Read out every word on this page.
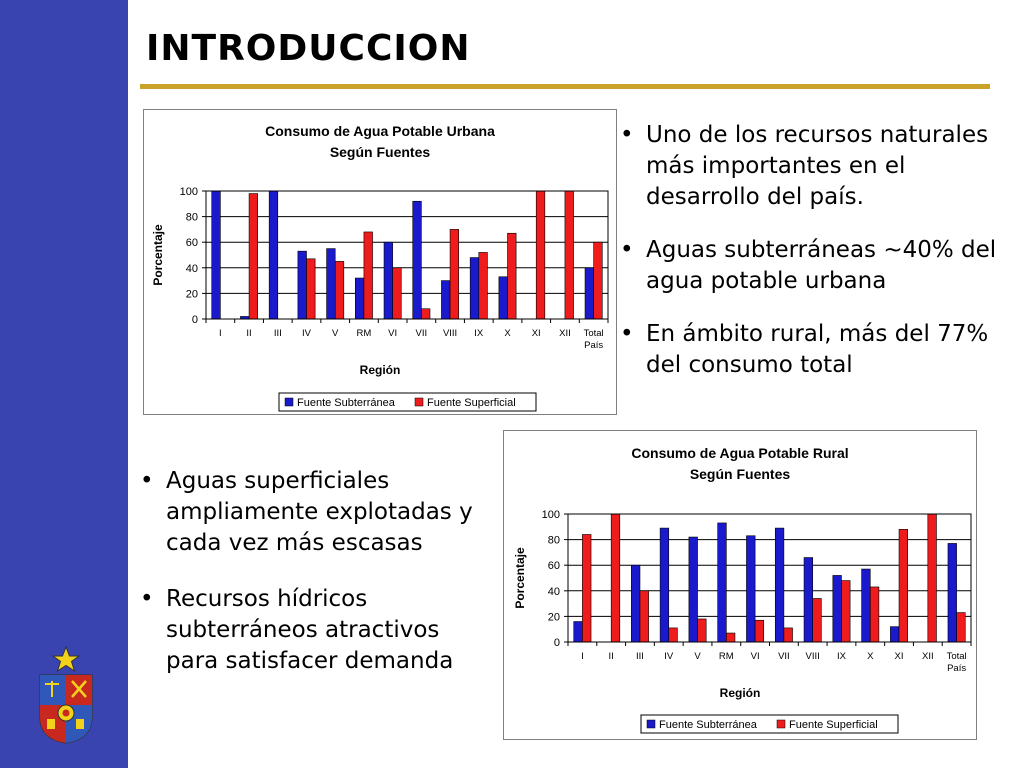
INTRODUCCION
Consumo de Agua Potable Urbana
Según Fuentes
0
20
40
60
80
100
I	II III IV V RM VI VII VIII IX X XI XII Total País
Región
Porcentaje
Fuente Subterránea	Fuente Superficial
Consumo de Agua Potable Rural
Según Fuentes
0
20
40
60
80
100
I	II III IV V RM VI VII VIII IX X XI XII Total País
Región
Porcentaje
Fuente Subterránea	Fuente Superficial
• Uno de los recursos naturales más importantes en el desarrollo del país.
• Aguas subterráneas ~40% del agua potable urbana
• En ámbito rural, más del 77% del consumo total
• Aguas superficiales ampliamente explotadas y cada vez más escasas
• Recursos hídricos subterráneos atractivos para satisfacer demanda
